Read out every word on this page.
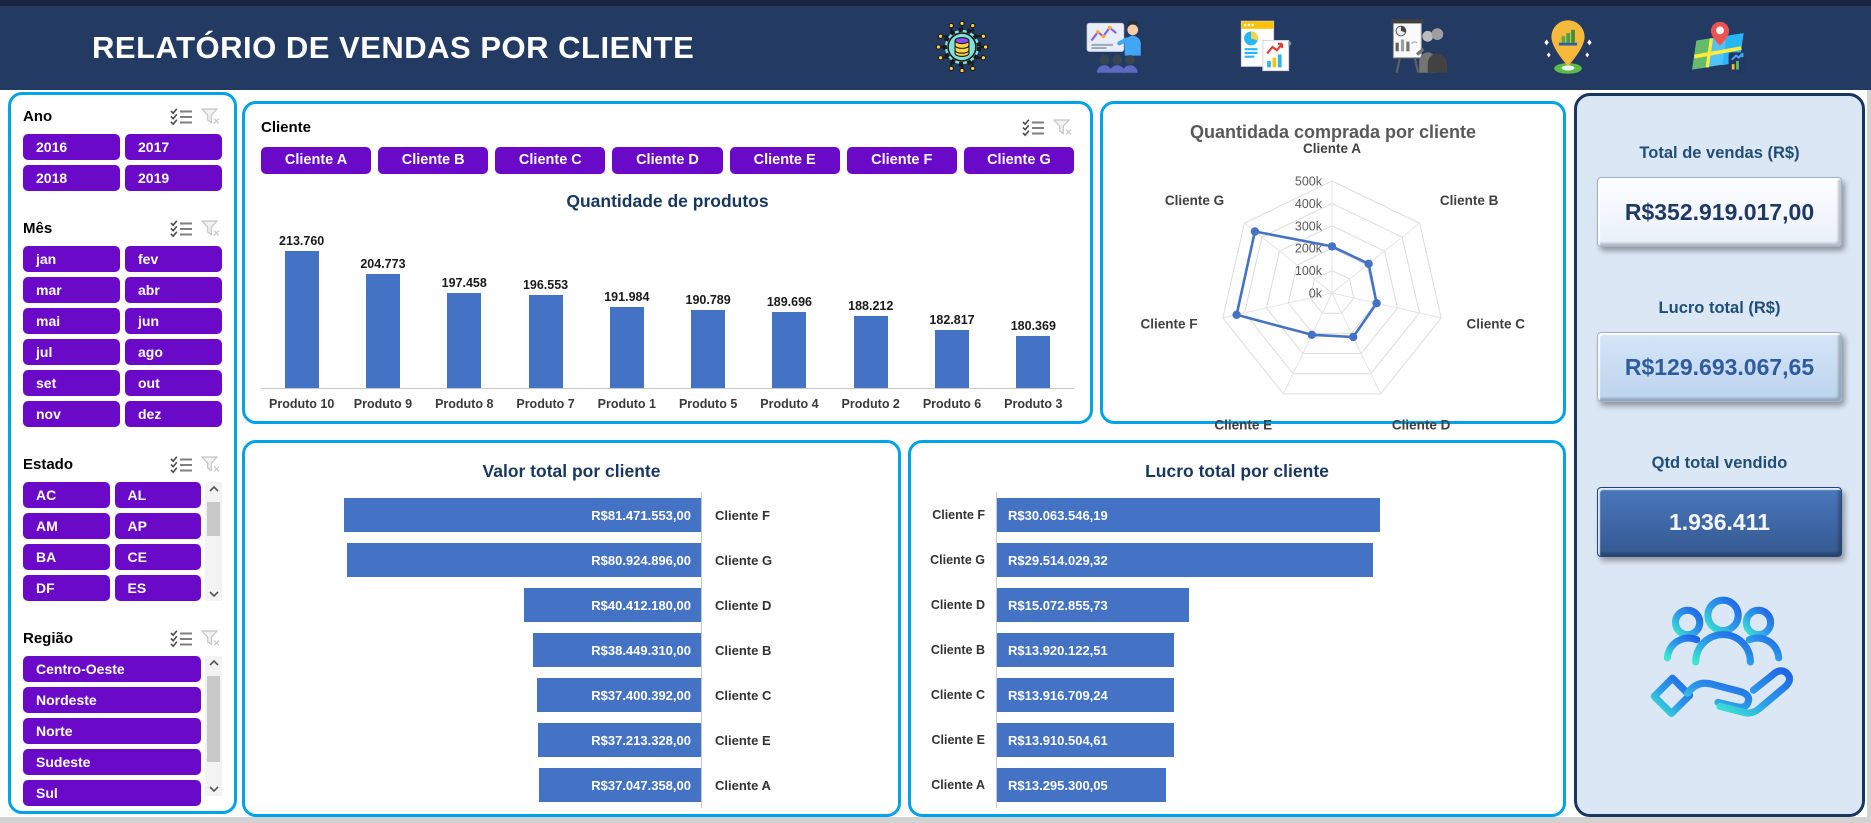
RELATÓRIO DE VENDAS POR CLIENTE
Ano
2016	2017
2018	2019
Mês
jan	fev
mar	abr
mai	jun
jul	ago
set	out
nov	dez
Estado
AC	AL
AM	AP
BA	CE
DF	ES
Região
Centro-Oeste
Nordeste
Norte
Sudeste
Sul
Cliente
Cliente A	Cliente B	Cliente C	Cliente D	Cliente E	Cliente F	Cliente G
Quantidade de produtos
213.760
204.773
197.458	196.553
191.984	190.789	189.696	188.212
182.817	180.369
Produto 10	Produto 9	Produto 8	Produto 7	Produto 1	Produto 5	Produto 4	Produto 2	Produto 6	Produto 3
Quantidada comprada por cliente
0k
100k
200k
300k
400k
500k
Cliente A
Cliente B
Cliente C
Cliente D
Cliente E
Cliente F
Cliente G
Valor total por cliente
R$81.471.553,00	Cliente F
R$80.924.896,00	Cliente G
R$40.412.180,00	Cliente D
R$38.449.310,00	Cliente B
R$37.400.392,00	Cliente C
R$37.213.328,00	Cliente E
R$37.047.358,00	Cliente A
Lucro total por cliente
Cliente F	R$30.063.546,19
Cliente G	R$29.514.029,32
Cliente D	R$15.072.855,73
Cliente B	R$13.920.122,51
Cliente C	R$13.916.709,24
Cliente E	R$13.910.504,61
Cliente A	R$13.295.300,05
Total de vendas (R$)
R$352.919.017,00
Lucro total (R$)
R$129.693.067,65
Qtd total vendido
1.936.411
